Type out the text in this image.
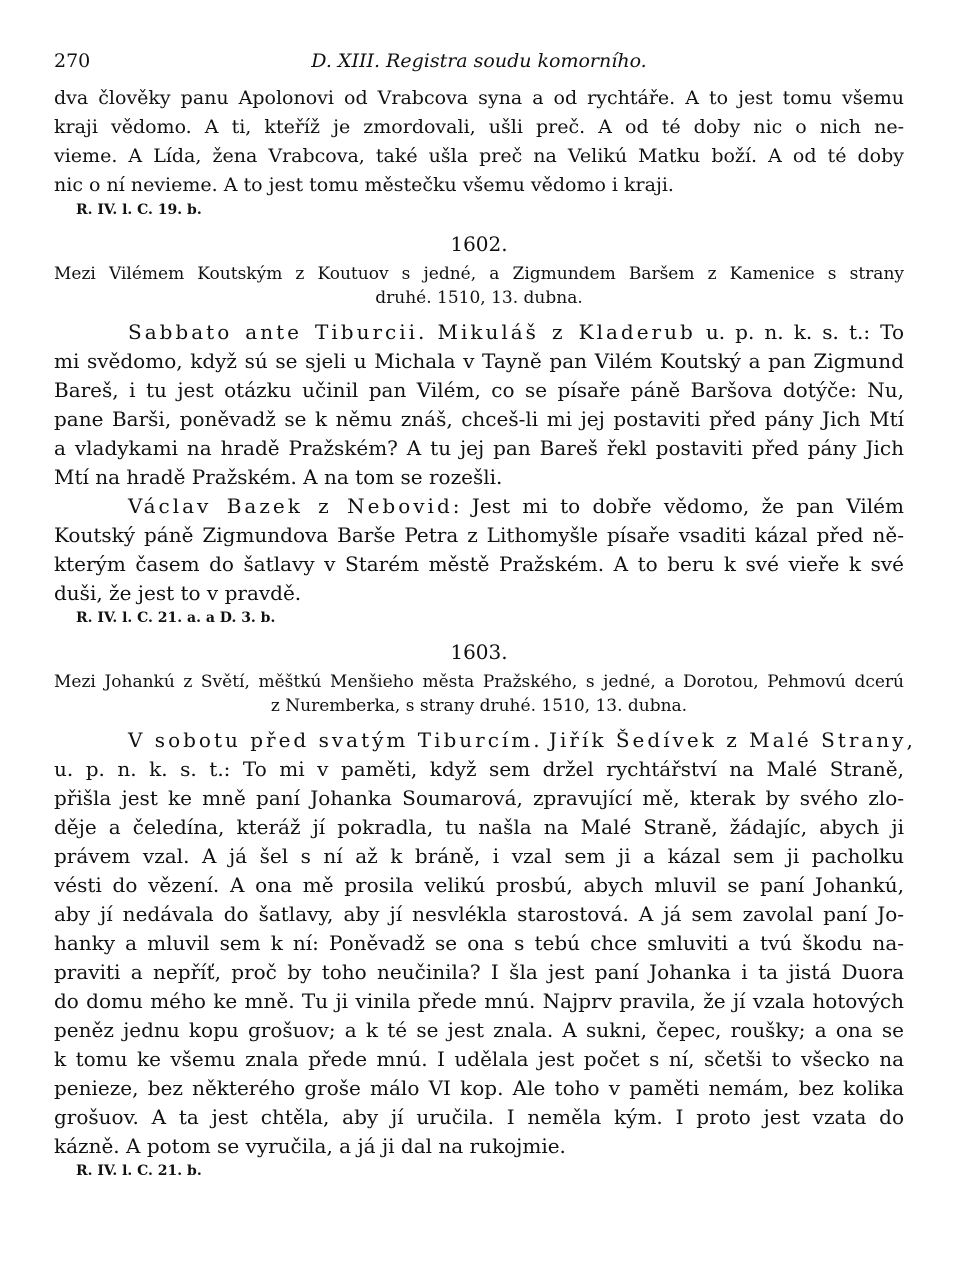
270	D. XIII. Registra soudu komorního.
dva člověky panu Apolonovi od Vrabcova syna a od rychtáře. A to jest tomu všemu
kraji vědomo. A ti, kteříž je zmordovali, ušli preč. A od té doby nic o nich ne-
vieme. A Lída, žena Vrabcova, také ušla preč na Velikú Matku boží. A od té doby
nic o ní nevieme. A to jest tomu městečku všemu vědomo i kraji.
R. IV. l. C. 19. b.
1602.
Mezi Vilémem Koutským z Koutuov s jedné, a Zigmundem Baršem z Kamenice s strany
druhé. 1510, 13. dubna.
Sabbato ante Tiburcii. Mikuláš z Kladerub u. p. n. k. s. t.: To
mi svědomo, když sú se sjeli u Michala v Tayně pan Vilém Koutský a pan Zigmund
Bareš, i tu jest otázku učinil pan Vilém, co se písaře páně Baršova dotýče: Nu,
pane Barši, poněvadž se k němu znáš, chceš-li mi jej postaviti před pány Jich Mtí
a vladykami na hradě Pražském? A tu jej pan Bareš řekl postaviti před pány Jich
Mtí na hradě Pražském. A na tom se rozešli.
Václav Bazek z Nebovid: Jest mi to dobře vědomo, že pan Vilém
Koutský páně Zigmundova Barše Petra z Lithomyšle písaře vsaditi kázal před ně-
kterým časem do šatlavy v Starém městě Pražském. A to beru k své vieře k své
duši, že jest to v pravdě.
R. IV. l. C. 21. a. a D. 3. b.
1603.
Mezi Johankú z Světí, měštkú Menšieho města Pražského, s jedné, a Dorotou, Pehmovú dcerú
z Nuremberka, s strany druhé. 1510, 13. dubna.
V sobotu před svatým Tiburcím. Jiřík Šedívek z Malé Strany,
u. p. n. k. s. t.: To mi v paměti, když sem držel rychtářství na Malé Straně,
přišla jest ke mně paní Johanka Soumarová, zpravující mě, kterak by svého zlo-
děje a čeledína, kteráž jí pokradla, tu našla na Malé Straně, žádajíc, abych ji
právem vzal. A já šel s ní až k bráně, i vzal sem ji a kázal sem ji pacholku
vésti do vězení. A ona mě prosila velikú prosbú, abych mluvil se paní Johankú,
aby jí nedávala do šatlavy, aby jí nesvlékla starostová. A já sem zavolal paní Jo-
hanky a mluvil sem k ní: Poněvadž se ona s tebú chce smluviti a tvú škodu na-
praviti a nepříť, proč by toho neučinila? I šla jest paní Johanka i ta jistá Duora
do domu mého ke mně. Tu ji vinila přede mnú. Najprv pravila, že jí vzala hotových
peněz jednu kopu grošuov; a k té se jest znala. A sukni, čepec, roušky; a ona se
k tomu ke všemu znala přede mnú. I udělala jest počet s ní, sčetši to všecko na
penieze, bez některého groše málo VI kop. Ale toho v paměti nemám, bez kolika
grošuov. A ta jest chtěla, aby jí uručila. I neměla kým. I proto jest vzata do
kázně. A potom se vyručila, a já ji dal na rukojmie.
R. IV. l. C. 21. b.
